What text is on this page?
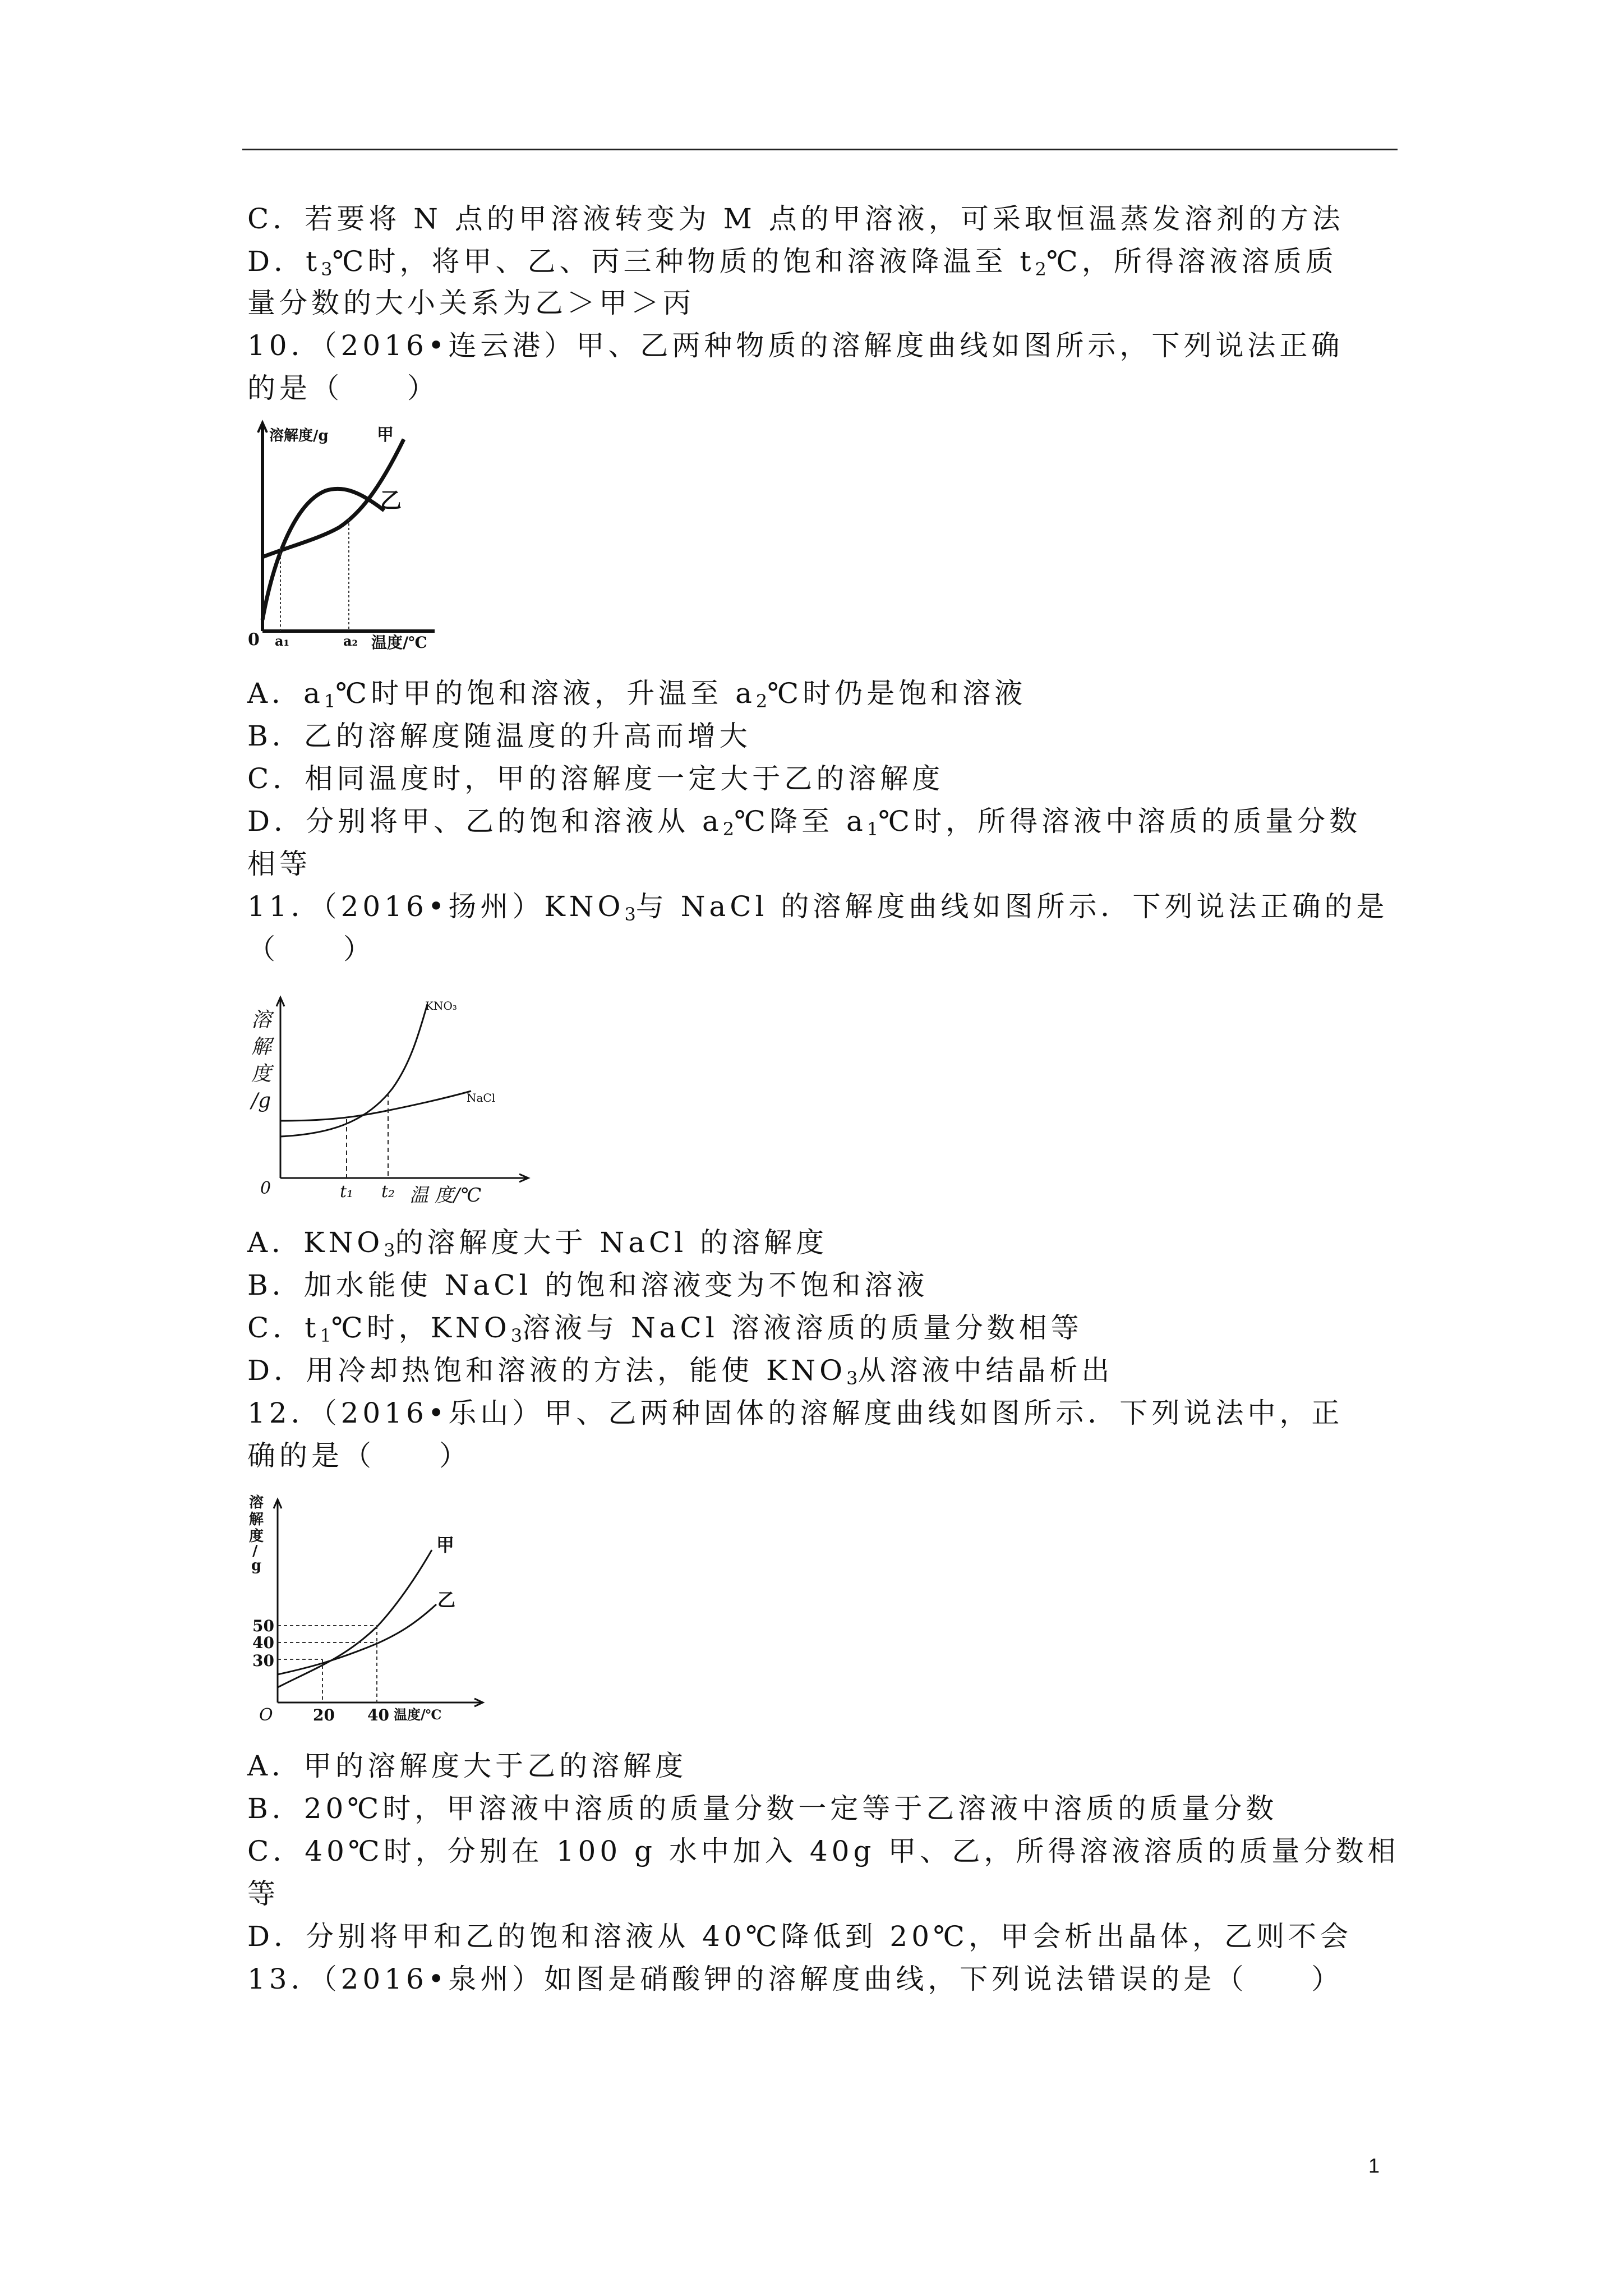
C．若要将 N 点的甲溶液转变为 M 点的甲溶液，可采取恒温蒸发溶剂的方法
D．$t_3℃$时，将甲、乙、丙三种物质的饱和溶液降温至 $t_2℃$，所得溶液溶质质
量分数的大小关系为乙＞甲＞丙
10．（2016•连云港）甲、乙两种物质的溶解度曲线如图所示，下列说法正确
的是（　　）
溶解度/g	甲
乙
0 a₁	a₂ 温度/℃
A．$a_1℃$时甲的饱和溶液，升温至 $a_2℃$时仍是饱和溶液
B．乙的溶解度随温度的升高而增大
C．相同温度时，甲的溶解度一定大于乙的溶解度
D．分别将甲、乙的饱和溶液从 $a_2℃$降至 $a_1℃$时，所得溶液中溶质的质量分数
相等
11．（2016•扬州）$KNO_3$与 NaCl 的溶解度曲线如图所示．下列说法正确的是
（　　）
溶
解
度
/g
KNO₃
NaCl
0	t₁ t₂ 温 度/℃
A．$KNO_3$的溶解度大于 NaCl 的溶解度
B．加水能使 NaCl 的饱和溶液变为不饱和溶液
C．$t_1℃$时，$KNO_3$溶液与 NaCl 溶液溶质的质量分数相等
D．用冷却热饱和溶液的方法，能使 $KNO_3$从溶液中结晶析出
12．（2016•乐山）甲、乙两种固体的溶解度曲线如图所示．下列说法中，正
确的是（　　）
溶
解
度
/
g
甲
乙
50
40
30
O	20 40 温度/℃
A．甲的溶解度大于乙的溶解度
B．20℃时，甲溶液中溶质的质量分数一定等于乙溶液中溶质的质量分数
C．40℃时，分别在 100 g 水中加入 40g 甲、乙，所得溶液溶质的质量分数相
等
D．分别将甲和乙的饱和溶液从 40℃降低到 20℃，甲会析出晶体，乙则不会
13．（2016•泉州）如图是硝酸钾的溶解度曲线，下列说法错误的是（　　）
1
